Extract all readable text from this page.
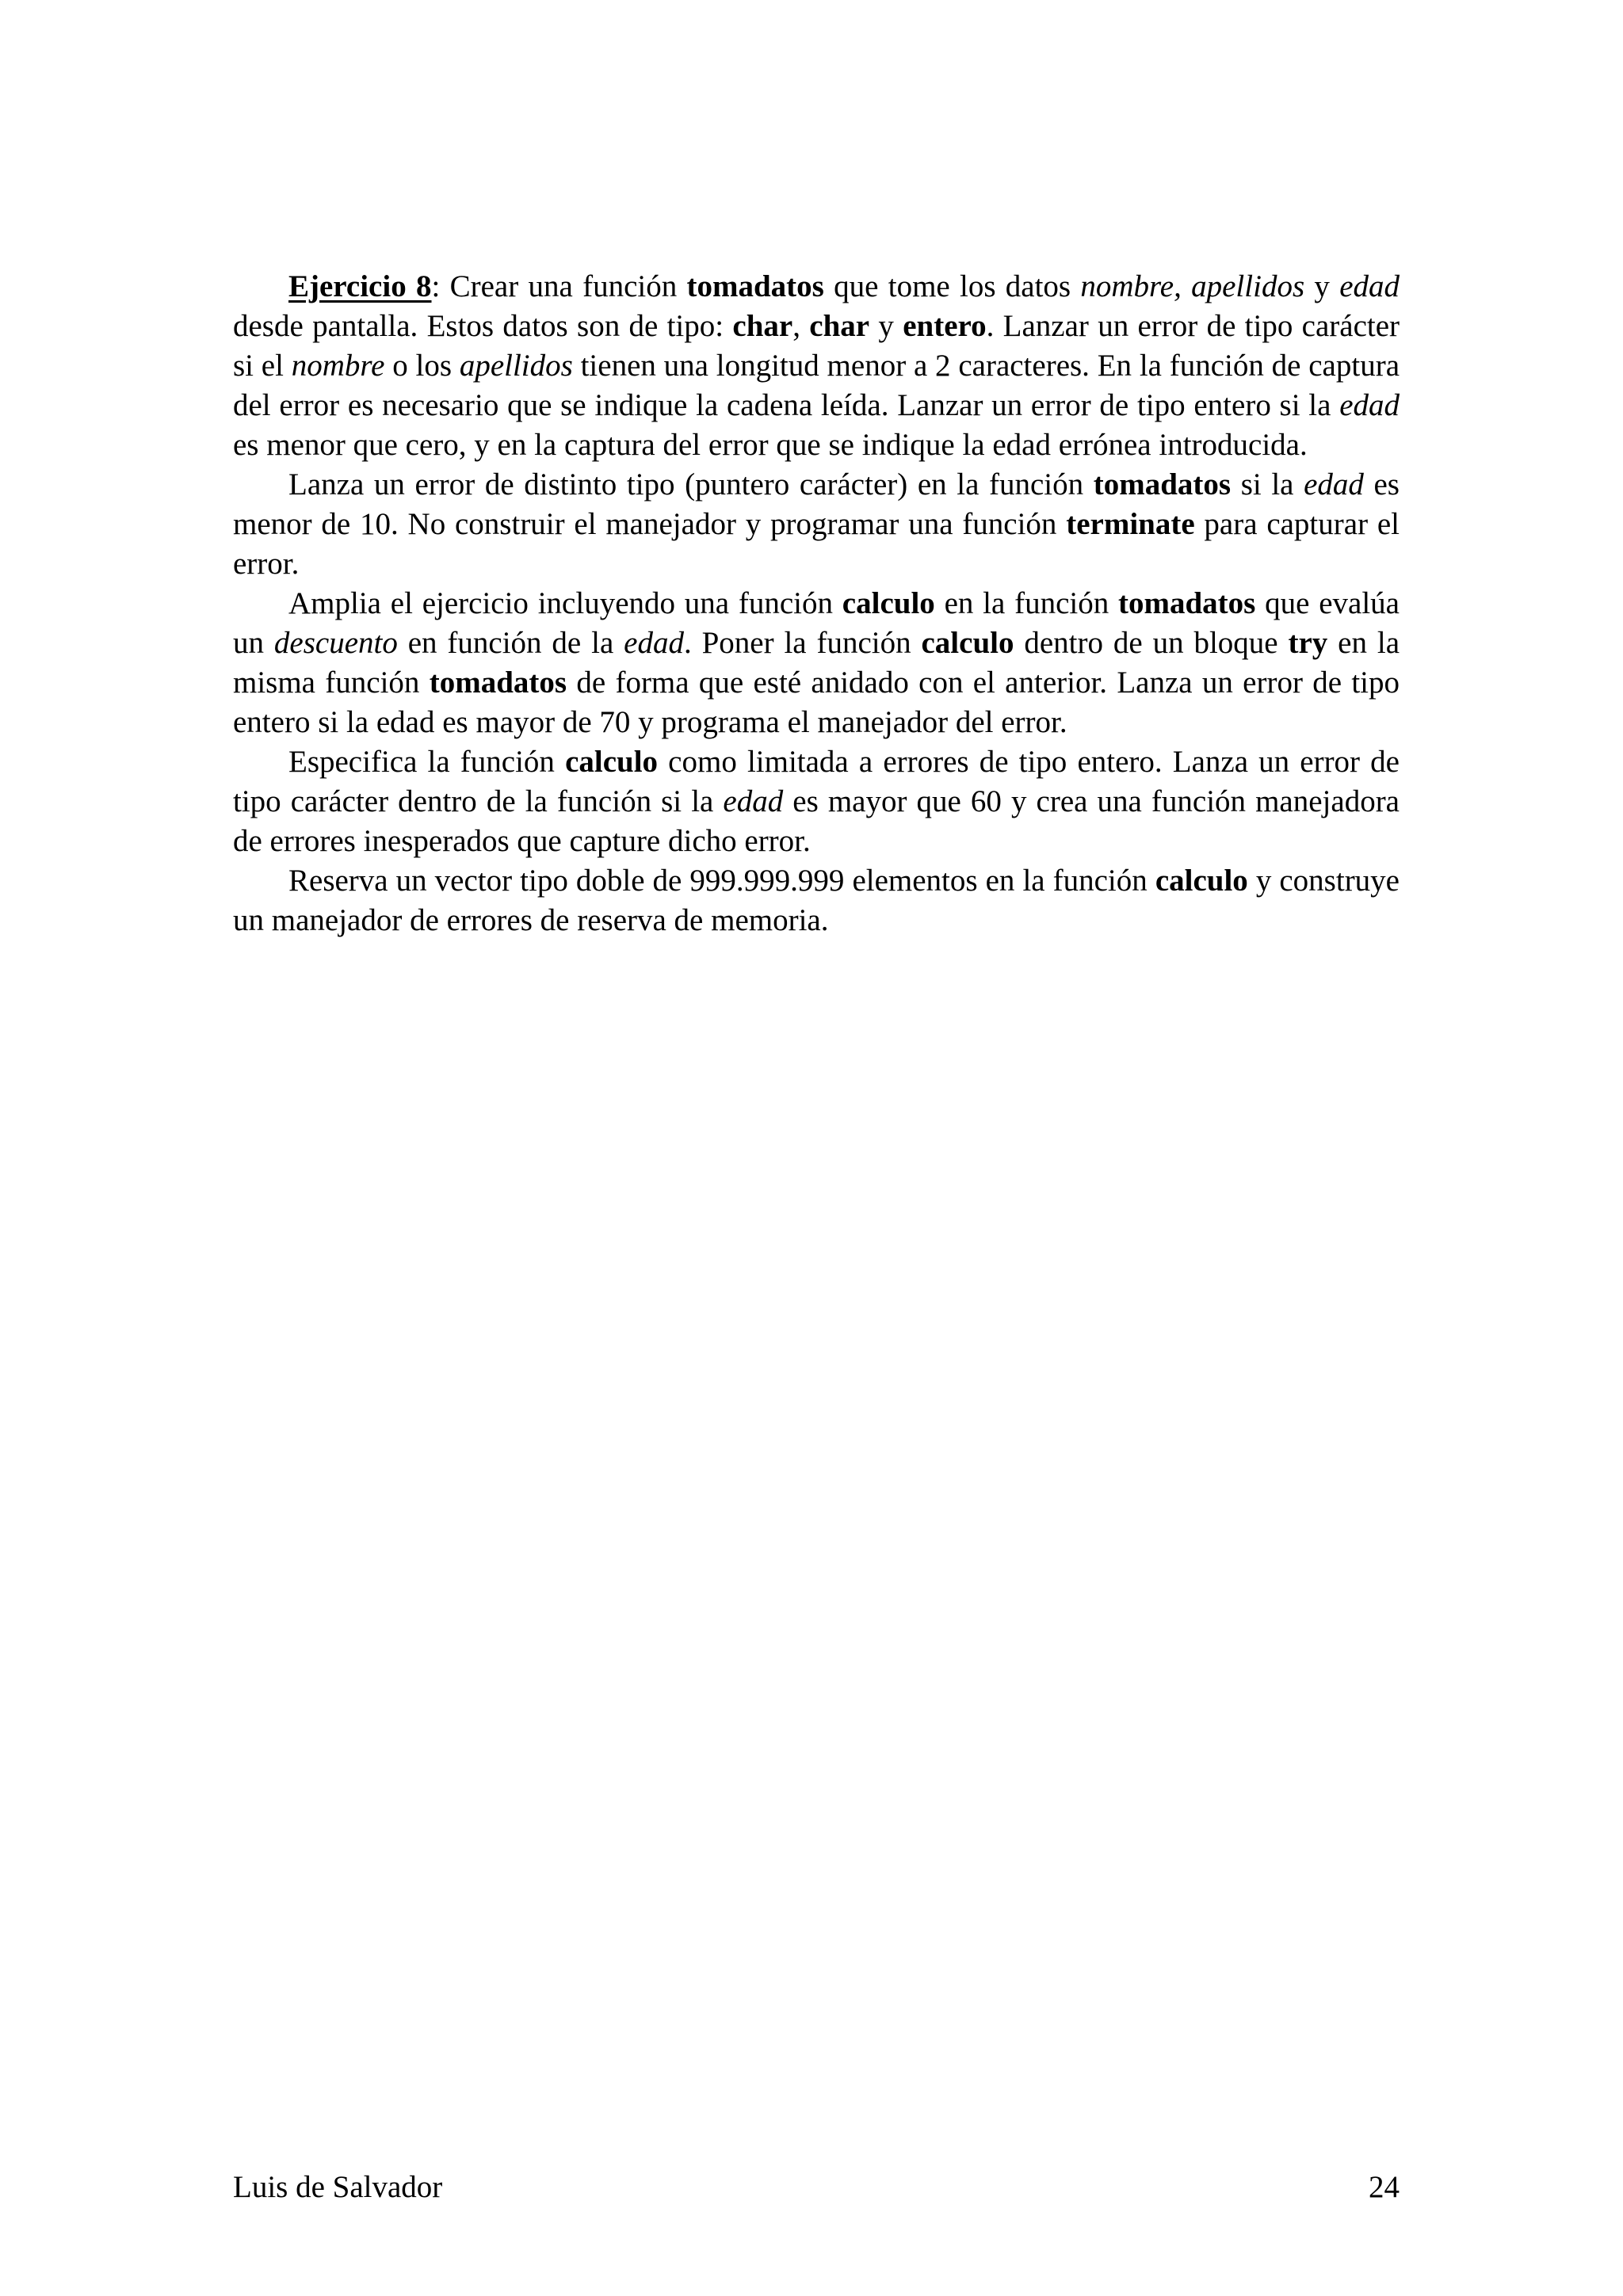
Ejercicio 8: Crear una función tomadatos que tome los datos nombre, apellidos y edad desde pantalla. Estos datos son de tipo: char, char y entero. Lanzar un error de tipo carácter si el nombre o los apellidos tienen una longitud menor a 2 caracteres. En la función de captura del error es necesario que se indique la cadena leída. Lanzar un error de tipo entero si la edad es menor que cero, y en la captura del error que se indique la edad errónea introducida.

Lanza un error de distinto tipo (puntero carácter) en la función tomadatos si la edad es menor de 10. No construir el manejador y programar una función terminate para capturar el error.

Amplia el ejercicio incluyendo una función calculo en la función tomadatos que evalúa un descuento en función de la edad. Poner la función calculo dentro de un bloque try en la misma función tomadatos de forma que esté anidado con el anterior. Lanza un error de tipo entero si la edad es mayor de 70 y programa el manejador del error.

Especifica la función calculo como limitada a errores de tipo entero. Lanza un error de tipo carácter dentro de la función si la edad es mayor que 60 y crea una función manejadora de errores inesperados que capture dicho error.

Reserva un vector tipo doble de 999.999.999 elementos en la función calculo y construye un manejador de errores de reserva de memoria.

Luis de Salvador	24
